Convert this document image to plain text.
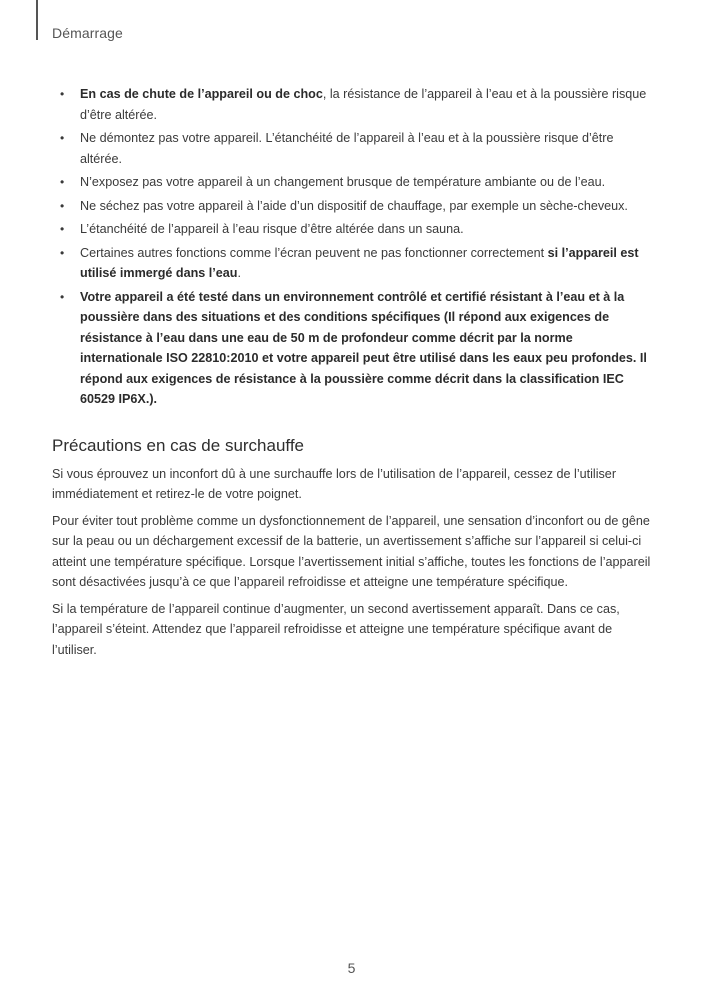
Démarrage
• En cas de chute de l’appareil ou de choc, la résistance de l’appareil à l’eau et à la poussière risque d’être altérée.
• Ne démontez pas votre appareil. L’étanchéité de l’appareil à l’eau et à la poussière risque d’être altérée.
• N’exposez pas votre appareil à un changement brusque de température ambiante ou de l’eau.
• Ne séchez pas votre appareil à l’aide d’un dispositif de chauffage, par exemple un sèche-cheveux.
• L’étanchéité de l’appareil à l’eau risque d’être altérée dans un sauna.
• Certaines autres fonctions comme l’écran peuvent ne pas fonctionner correctement si l’appareil est utilisé immergé dans l’eau.
• Votre appareil a été testé dans un environnement contrôlé et certifié résistant à l’eau et à la poussière dans des situations et des conditions spécifiques (Il répond aux exigences de résistance à l’eau dans une eau de 50 m de profondeur comme décrit par la norme internationale ISO 22810:2010 et votre appareil peut être utilisé dans les eaux peu profondes. Il répond aux exigences de résistance à la poussière comme décrit dans la classification IEC 60529 IP6X.).
Précautions en cas de surchauffe

Si vous éprouvez un inconfort dû à une surchauffe lors de l’utilisation de l’appareil, cessez de l’utiliser immédiatement et retirez-le de votre poignet.

Pour éviter tout problème comme un dysfonctionnement de l’appareil, une sensation d’inconfort ou de gêne sur la peau ou un déchargement excessif de la batterie, un avertissement s’affiche sur l’appareil si celui-ci atteint une température spécifique. Lorsque l’avertissement initial s’affiche, toutes les fonctions de l’appareil sont désactivées jusqu’à ce que l’appareil refroidisse et atteigne une température spécifique.

Si la température de l’appareil continue d’augmenter, un second avertissement apparaît. Dans ce cas, l’appareil s’éteint. Attendez que l’appareil refroidisse et atteigne une température spécifique avant de l’utiliser.

5
